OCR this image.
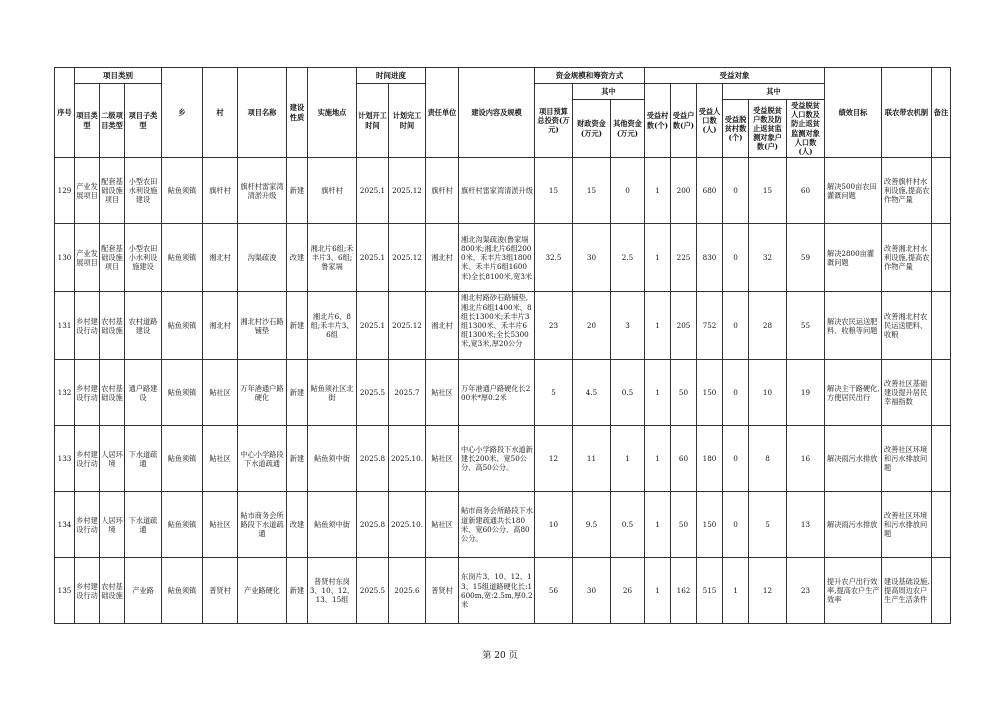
序号	项目类别			乡	村	项目名称	建设性质	实施地点	时间进度		责任单位	建设内容及规模	资金规模和筹资方式			受益对象						绩效目标	联农带农机制	备注
	项目类型	二级项目类型	项目子类型						计划开工时间	计划完工时间			项目预算总投资(万元)	其中		受益村数(个)	受益户数(户)	受益人口数(人)	其中					
														财政资金(万元)	其他资金(万元)				受益脱贫村数(个)	受益脱贫户数及防止返贫监测对象户数(户)	受益脱贫人口数及防止返贫监测对象人口数(人)			
129	产业发展项目	配套基础设施项目	小型农田水利设施建设	鲇鱼须镇	旗杆村	旗杆村雷家湾清淤升级	新建	旗杆村	2025.1	2025.12	旗杆村	旗杆村雷家湾清淤升级	15	15	0	1	200	680	0	15	60	解决500亩农田灌溉问题	改善旗杆村水利设施,提高农作物产量	
130	产业发展项目	配套基础设施项目	小型农田小水利设施建设	鲇鱼须镇	湘北村	沟渠疏浚	改建	湘北片6组;禾丰片3、6组;鲁家塥	2025.1	2025.12	湘北村	湘北沟渠疏浚(鲁家塥800米;湘北片6组2000米、禾丰片3组1800米、禾丰片6组1600米)全长8100米,宽3米	32.5	30	2.5	1	225	830	0	32	59	解决2800亩灌溉问题	改善湘北村水利设施,提高农作物产量	
131	乡村建设行动	农村基础设施	农村道路建设	鲇鱼须镇	湘北村	湘北村沙石路铺垫	新建	湘北片6、8组;禾丰片3、6组	2025.1	2025.12	湘北村	湘北村路砂石路铺垫,湘北片6组1400米、8组长1300米;禾丰片3组1300米、禾丰片6组1300米;全长5300米,宽3米,厚20公分	23	20	3	1	205	752	0	28	55	解决农民运送肥料、收粮等问题	改善湘北村农民运送肥料、收粮	
132	乡村建设行动	农村基础设施	通户路建设	鲇鱼须镇	鲇社区	万年港通户路硬化	新建	鲇鱼须社区北街	2025.5	2025.7	鲇社区	万年港通户路硬化长200米*厚0.2米	5	4.5	0.5	1	50	150	0	10	19	解决主干路硬化,方便居民出行	改善社区基础建设提升居民幸福指数	
133	乡村建设行动	人居环境	下水道疏通	鲇鱼须镇	鲇社区	中心小学路段下水道疏通	新建	鲇鱼须中街	2025.8	2025.10.	鲇社区	中心小学路段下水道新建长200米、宽50公分、高50公分。	12	11	1	1	60	180	0	8	16	解决雨污水排放	改善社区环境和污水排放问题	
134	乡村建设行动	人居环境	下水道疏通	鲇鱼须镇	鲇社区	鲇市商务会所路段下水道疏通	改建	鲇鱼须中街	2025.8	2025.10.	鲇社区	鲇市商务会所路段下水道新建疏通共长180米、宽60公分、高80公分。	10	9.5	0.5	1	50	150	0	5	13	解决雨污水排放	改善社区环境和污水排放问题	
135	乡村建设行动	农村基础设施	产业路	鲇鱼须镇	普贤村	产业路硬化	新建	普贤村东岗3、10、12、13、15组	2025.5	2025.6	普贤村	东岗片3、10、12、13、15组道路硬化长:1600m,宽:2.5m,厚0.2米	56	30	26	1	162	515	1	12	23	提升农户出行效率,提高农户生产效率	建设基础设施,提高周边农户生产生活条件	
第 20 页
